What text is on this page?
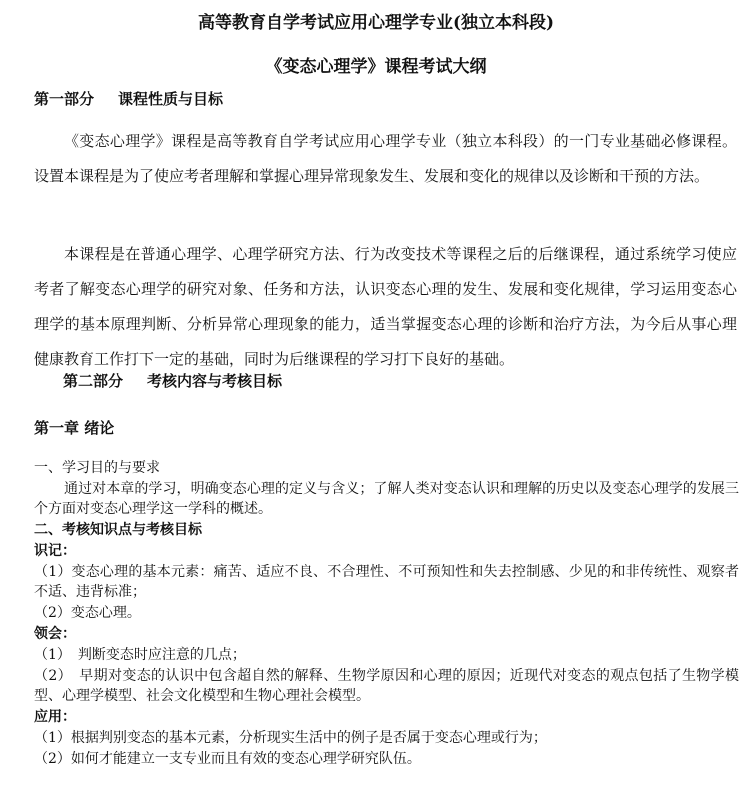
高等教育自学考试应用心理学专业(独立本科段)
《变态心理学》课程考试大纲
第一部分 课程性质与目标
《变态心理学》课程是高等教育自学考试应用心理学专业（独立本科段）的一门专业基础必修课程。设置本课程是为了使应考者理解和掌握心理异常现象发生、发展和变化的规律以及诊断和干预的方法。
本课程是在普通心理学、心理学研究方法、行为改变技术等课程之后的后继课程，通过系统学习使应考者了解变态心理学的研究对象、任务和方法，认识变态心理的发生、发展和变化规律，学习运用变态心理学的基本原理判断、分析异常心理现象的能力，适当掌握变态心理的诊断和治疗方法，为今后从事心理健康教育工作打下一定的基础，同时为后继课程的学习打下良好的基础。
第二部分 考核内容与考核目标
第一章 绪论
一、学习目的与要求
通过对本章的学习，明确变态心理的定义与含义；了解人类对变态认识和理解的历史以及变态心理学的发展三个方面对变态心理学这一学科的概述。
二、考核知识点与考核目标
识记：
（1）变态心理的基本元素：痛苦、适应不良、不合理性、不可预知性和失去控制感、少见的和非传统性、观察者不适、违背标准；
（2）变态心理。
领会：
（1）　判断变态时应注意的几点；
（2）　早期对变态的认识中包含超自然的解释、生物学原因和心理的原因；近现代对变态的观点包括了生物学模型、心理学模型、社会文化模型和生物心理社会模型。
应用：
（1）根据判别变态的基本元素，分析现实生活中的例子是否属于变态心理或行为；
（2）如何才能建立一支专业而且有效的变态心理学研究队伍。
